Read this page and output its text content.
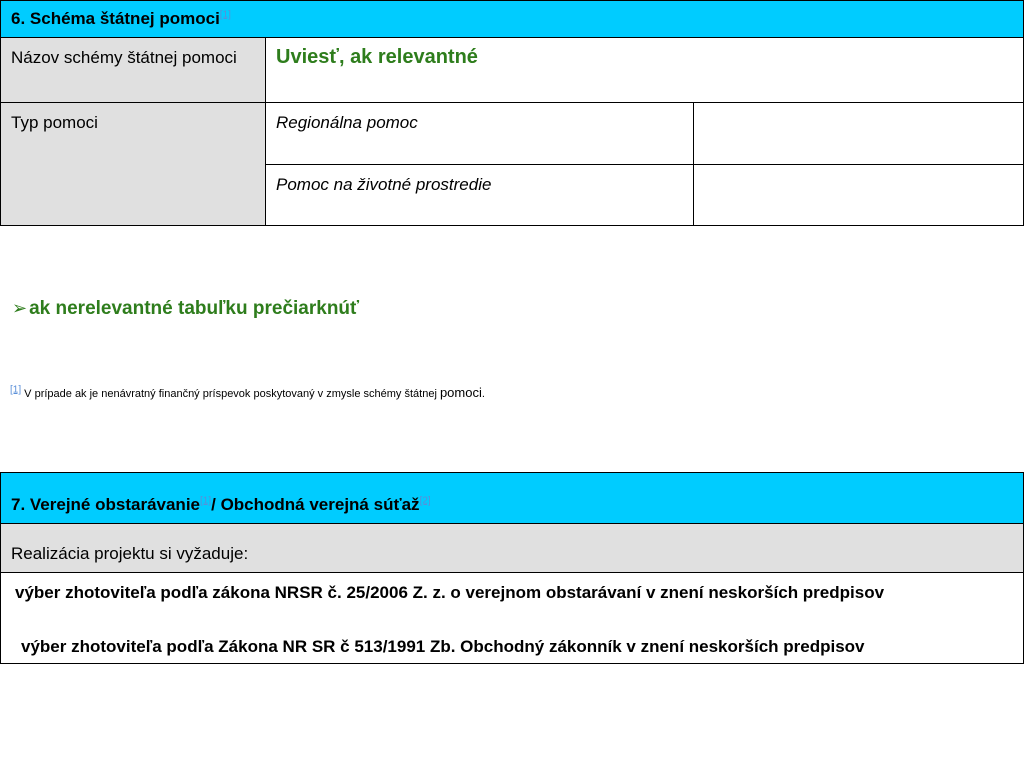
6. Schéma štátnej pomoci[1]
Názov schémy štátnej pomoci	Uviesť, ak relevantné
Typ pomoci	Regionálna pomoc
Pomoc na životné prostredie
➢ ak nerelevantné tabuľku prečiarknúť
[1] V prípade ak je nenávratný finančný príspevok poskytovaný v zmysle schémy štátnej pomoci.
7. Verejné obstarávanie[1]/ Obchodná verejná súťaž[2]
Realizácia projektu si vyžaduje:
výber zhotoviteľa podľa zákona NRSR č. 25/2006 Z. z. o verejnom obstarávaní v znení neskorších predpisov
výber zhotoviteľa podľa Zákona NR SR č 513/1991 Zb. Obchodný zákonník v znení neskorších predpisov
